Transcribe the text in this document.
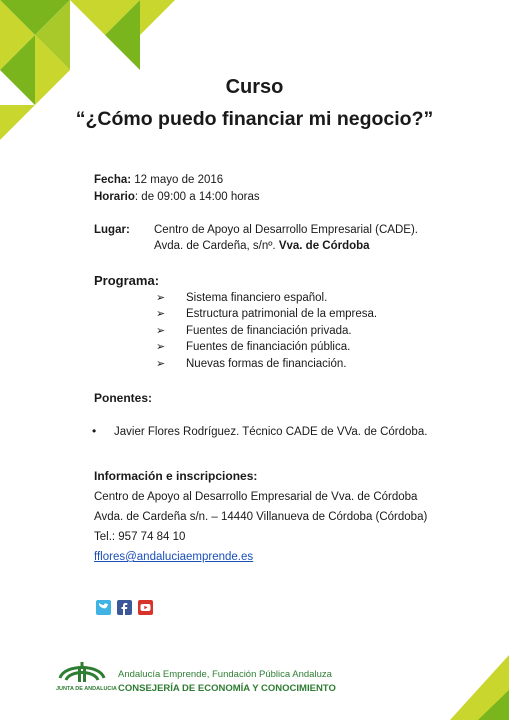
Curso
“¿Cómo puedo financiar mi negocio?”
Fecha: 12 mayo de 2016
Horario: de 09:00 a 14:00 horas
Lugar: Centro de Apoyo al Desarrollo Empresarial (CADE).
Avda. de Cardeña, s/nº. Vva. de Córdoba
Programa:
➢ Sistema financiero español.
➢ Estructura patrimonial de la empresa.
➢ Fuentes de financiación privada.
➢ Fuentes de financiación pública.
➢ Nuevas formas de financiación.
Ponentes:
• Javier Flores Rodríguez. Técnico CADE de VVa. de Córdoba.
Información e inscripciones:
Centro de Apoyo al Desarrollo Empresarial de Vva. de Córdoba
Avda. de Cardeña s/n. – 14440 Villanueva de Córdoba (Córdoba)
Tel.: 957 74 84 10
fflores@andaluciaemprende.es
JUNTA DE ANDALUCIA
Andalucía Emprende, Fundación Pública Andaluza
CONSEJERÍA DE ECONOMÍA Y CONOCIMIENTO
